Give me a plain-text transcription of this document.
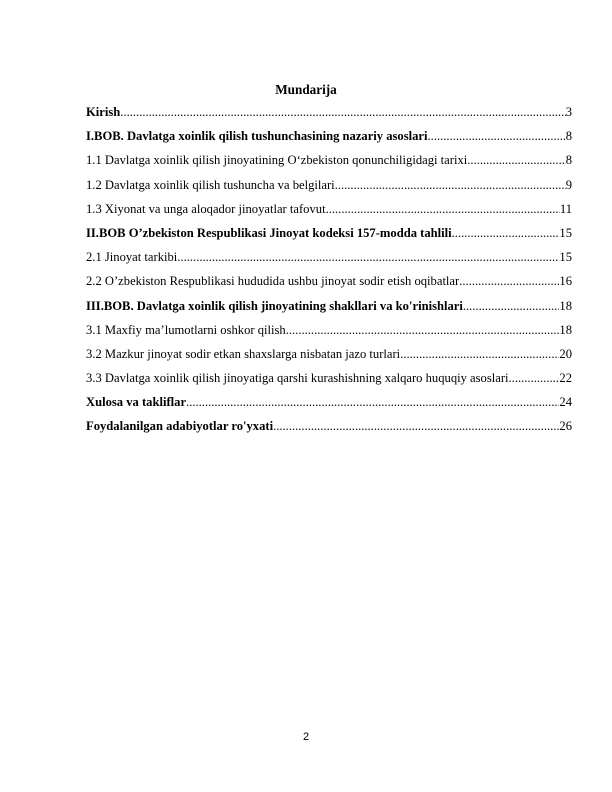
Mundarija
Kirish .....	3
I.BOB. Davlatga xoinlik qilish tushunchasining nazariy asoslari .....	8
1.1 Davlatga xoinlik qilish jinoyatining O‘zbekiston qonunchiligidagi tarixi .....	8
1.2 Davlatga xoinlik qilish tushuncha va belgilari .....	9
1.3 Xiyonat va unga aloqador jinoyatlar tafovut .....	11
II.BOB O’zbekiston Respublikasi Jinoyat kodeksi 157-modda tahlili .....	15
2.1 Jinoyat tarkibi .....	15
2.2 O’zbekiston Respublikasi hududida ushbu jinoyat sodir etish oqibatlar .....	16
III.BOB. Davlatga xoinlik qilish jinoyatining shakllari va ko'rinishlari .....	18
3.1 Maxfiy ma’lumotlarni oshkor qilish .....	18
3.2 Mazkur jinoyat sodir etkan shaxslarga nisbatan jazo turlari .....	20
3.3 Davlatga xoinlik qilish jinoyatiga qarshi kurashishning xalqaro huquqiy asoslari .....	22
Xulosa va takliflar .....	24
Foydalanilgan adabiyotlar ro'yxati .....	26
2
